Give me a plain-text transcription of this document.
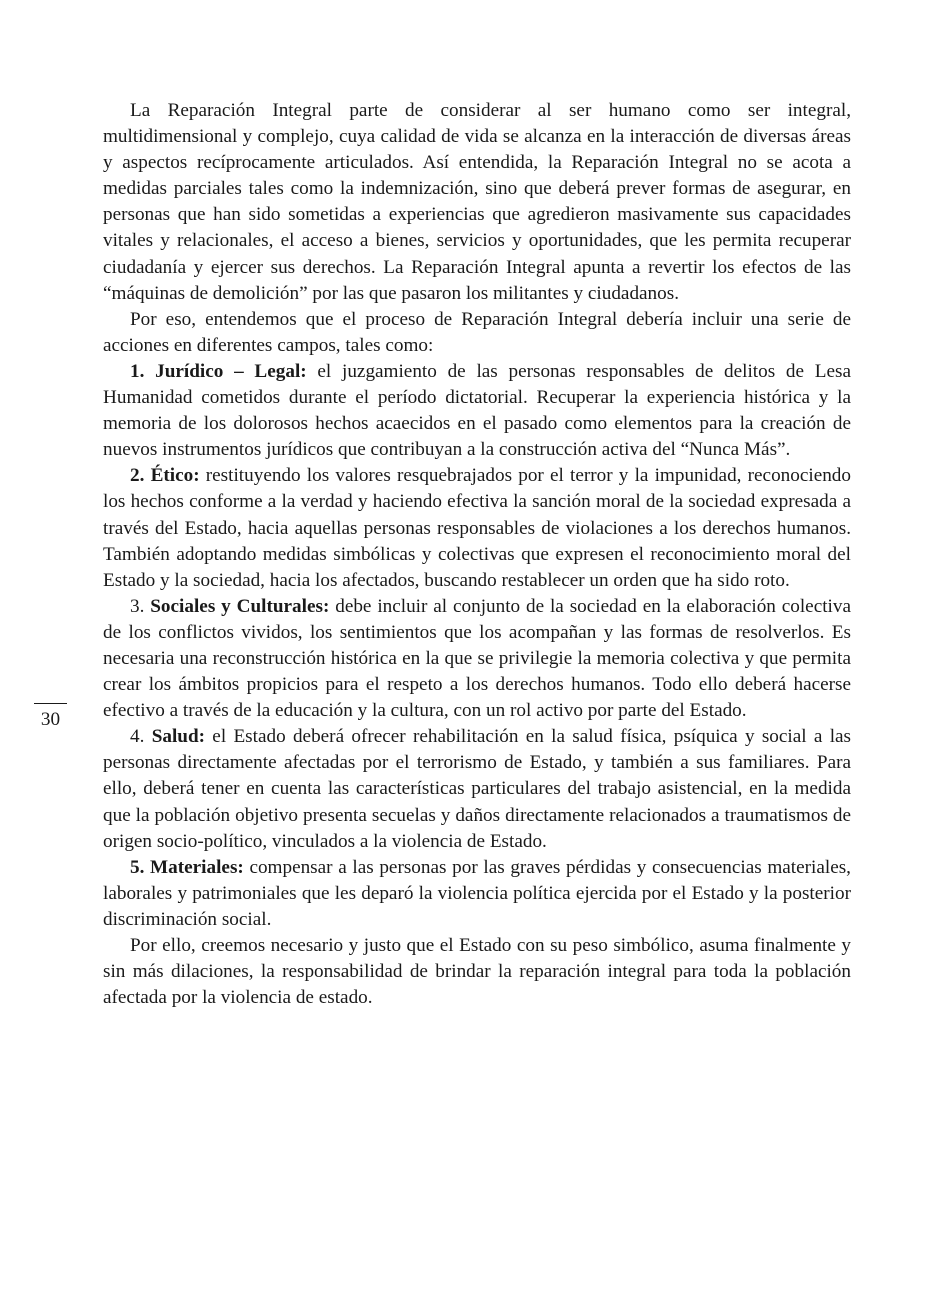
30

La Reparación Integral parte de considerar al ser humano como ser integral, multidimensional y complejo, cuya calidad de vida se alcanza en la interacción de diversas áreas y aspectos recíprocamente articulados. Así entendida, la Reparación Integral no se acota a medidas parciales tales como la indemnización, sino que deberá prever formas de asegurar, en personas que han sido sometidas a experiencias que agredieron masivamente sus capacidades vitales y relacionales, el acceso a bienes, servicios y oportunidades, que les permita recuperar ciudadanía y ejercer sus derechos. La Reparación Integral apunta a revertir los efectos de las “máquinas de demolición” por las que pasaron los militantes y ciudadanos.

Por eso, entendemos que el proceso de Reparación Integral debería incluir una serie de acciones en diferentes campos, tales como:

1. Jurídico – Legal: el juzgamiento de las personas responsables de delitos de Lesa Humanidad cometidos durante el período dictatorial. Recuperar la experiencia histórica y la memoria de los dolorosos hechos acaecidos en el pasado como elementos para la creación de nuevos instrumentos jurídicos que contribuyan a la construcción activa del “Nunca Más”.

2. Ético: restituyendo los valores resquebrajados por el terror y la impunidad, reconociendo los hechos conforme a la verdad y haciendo efectiva la sanción moral de la sociedad expresada a través del Estado, hacia aquellas personas responsables de violaciones a los derechos humanos. También adoptando medidas simbólicas y colectivas que expresen el reconocimiento moral del Estado y la sociedad, hacia los afectados, buscando restablecer un orden que ha sido roto.

3. Sociales y Culturales: debe incluir al conjunto de la sociedad en la elaboración colectiva de los conflictos vividos, los sentimientos que los acompañan y las formas de resolverlos. Es necesaria una reconstrucción histórica en la que se privilegie la memoria colectiva y que permita crear los ámbitos propicios para el respeto a los derechos humanos. Todo ello deberá hacerse efectivo a través de la educación y la cultura, con un rol activo por parte del Estado.

4. Salud: el Estado deberá ofrecer rehabilitación en la salud física, psíquica y social a las personas directamente afectadas por el terrorismo de Estado, y también a sus familiares. Para ello, deberá tener en cuenta las características particulares del trabajo asistencial, en la medida que la población objetivo presenta secuelas y daños directamente relacionados a traumatismos de origen socio-político, vinculados a la violencia de Estado.

5. Materiales: compensar a las personas por las graves pérdidas y consecuencias materiales, laborales y patrimoniales que les deparó la violencia política ejercida por el Estado y la posterior discriminación social.

Por ello, creemos necesario y justo que el Estado con su peso simbólico, asuma finalmente y sin más dilaciones, la responsabilidad de brindar la reparación integral para toda la población afectada por la violencia de estado.
